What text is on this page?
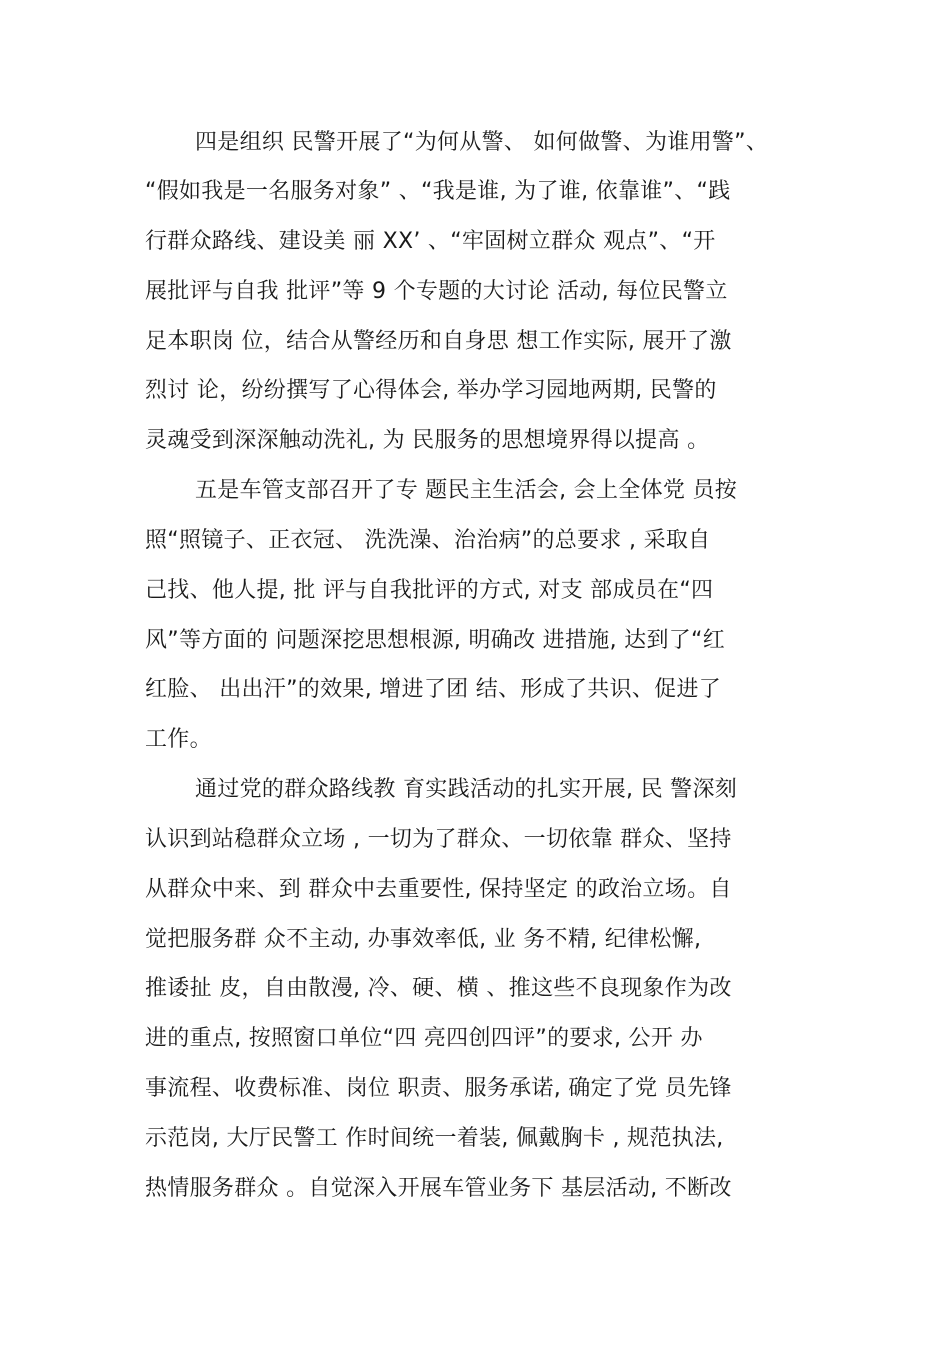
四是组织 民警开展了“为何从警、 如何做警、为谁用警”、
“假如我是一名服务对象” 、“我是谁, 为了谁, 依靠谁”、“践
行群众路线、建设美 丽 XX’ 、“牢固树立群众 观点”、“开
展批评与自我 批评”等 9 个专题的大讨论 活动, 每位民警立
足本职岗 位，结合从警经历和自身思 想工作实际, 展开了激
烈讨 论，纷纷撰写了心得体会, 举办学习园地两期, 民警的
灵魂受到深深触动洗礼, 为 民服务的思想境界得以提高 。
五是车管支部召开了专 题民主生活会, 会上全体党 员按
照“照镜子、正衣冠、 洗洗澡、治治病”的总要求 , 采取自
己找、他人提, 批 评与自我批评的方式, 对支 部成员在“四
风”等方面的 问题深挖思想根源, 明确改 进措施, 达到了“红
红脸、 出出汗”的效果, 增进了团 结、形成了共识、促进了
工作。
通过党的群众路线教 育实践活动的扎实开展, 民 警深刻
认识到站稳群众立场 , 一切为了群众、一切依靠 群众、坚持
从群众中来、到 群众中去重要性, 保持坚定 的政治立场。自
觉把服务群 众不主动, 办事效率低, 业 务不精, 纪律松懈,
推诿扯 皮，自由散漫, 冷、硬、横 、推这些不良现象作为改
进的重点, 按照窗口单位“四 亮四创四评”的要求, 公开 办
事流程、收费标准、岗位 职责、服务承诺, 确定了党 员先锋
示范岗, 大厅民警工 作时间统一着装, 佩戴胸卡 , 规范执法,
热情服务群众 。自觉深入开展车管业务下 基层活动, 不断改
